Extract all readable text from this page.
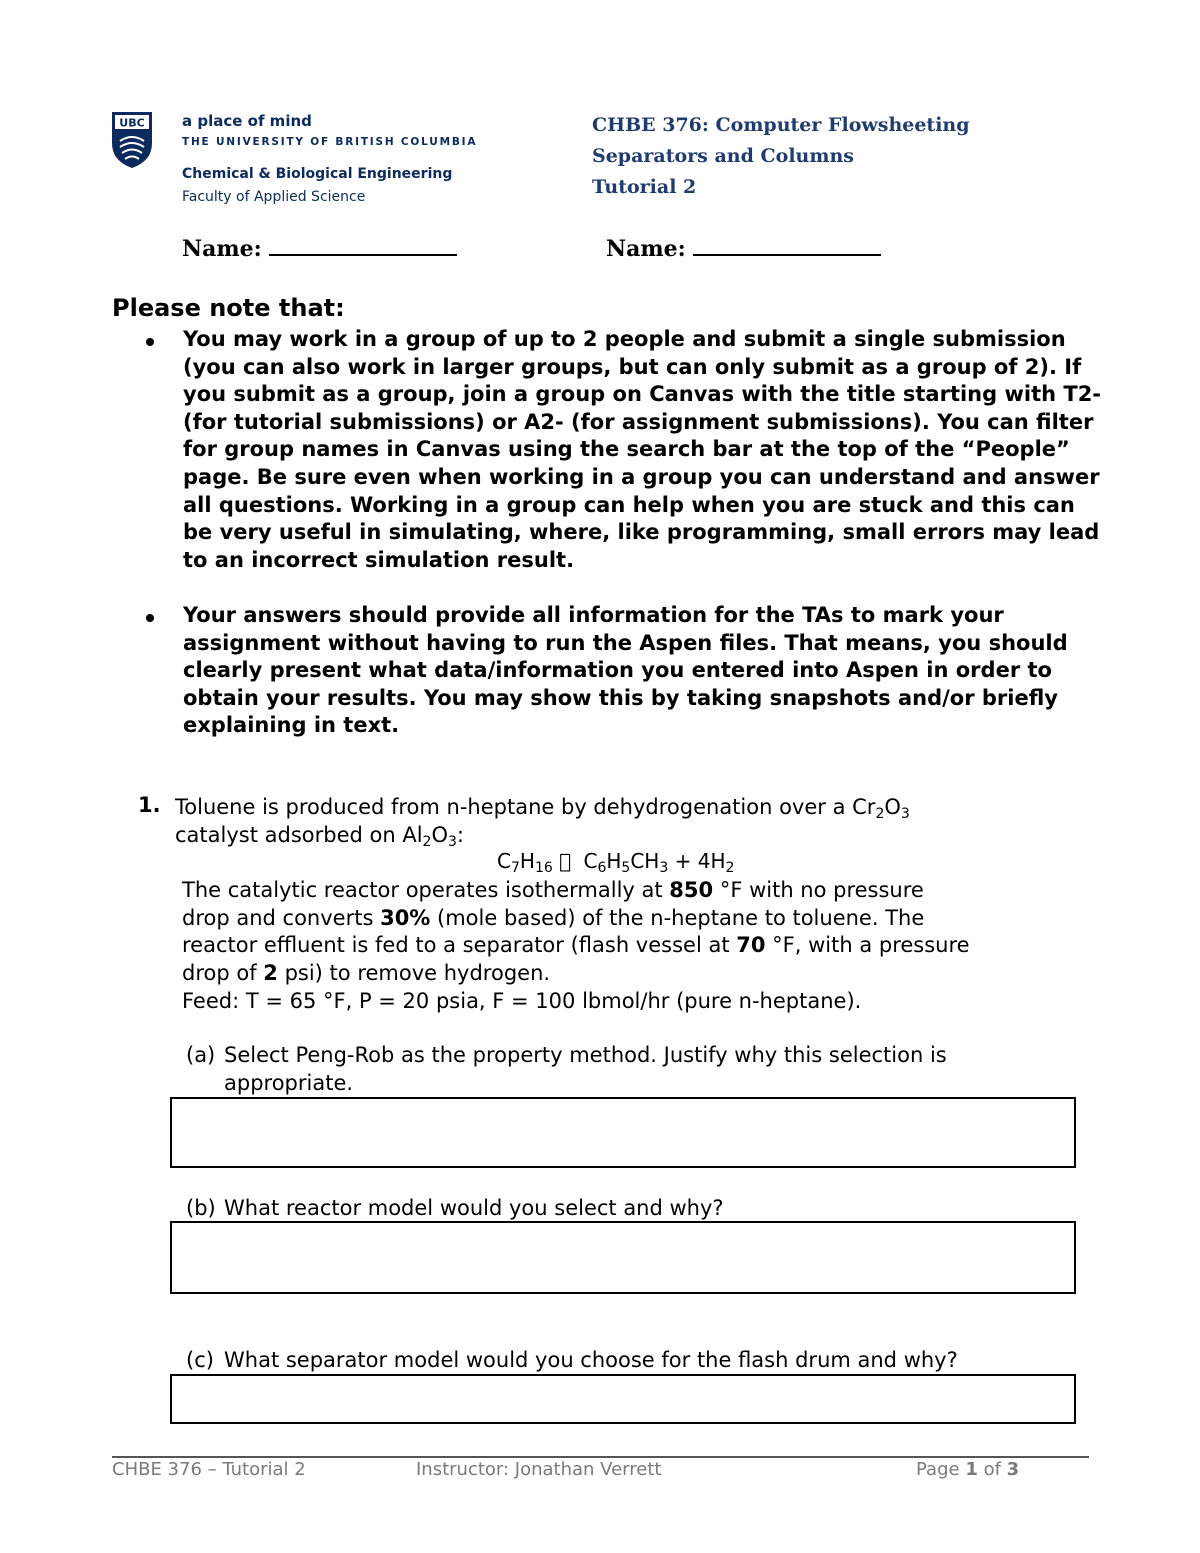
UBC a place of mind
THE UNIVERSITY OF BRITISH COLUMBIA
Chemical & Biological Engineering
Faculty of Applied Science
CHBE 376: Computer Flowsheeting
Separators and Columns
Tutorial 2
Name:	Name:
Please note that:
You may work in a group of up to 2 people and submit a single submission (you can also work in larger groups, but can only submit as a group of 2). If you submit as a group, join a group on Canvas with the title starting with T2- (for tutorial submissions) or A2- (for assignment submissions). You can filter for group names in Canvas using the search bar at the top of the “People” page. Be sure even when working in a group you can understand and answer all questions. Working in a group can help when you are stuck and this can be very useful in simulating, where, like programming, small errors may lead to an incorrect simulation result.
Your answers should provide all information for the TAs to mark your assignment without having to run the Aspen files. That means, you should clearly present what data/information you entered into Aspen in order to obtain your results. You may show this by taking snapshots and/or briefly explaining in text.
1. Toluene is produced from n-heptane by dehydrogenation over a $Cr_2O_3$
catalyst adsorbed on $Al_2O_3$:
$C_7H_{16}$ $C_6H_5CH_3 + 4H_2$
The catalytic reactor operates isothermally at 850 °F with no pressure
drop and converts 30% (mole based) of the n-heptane to toluene. The
reactor effluent is fed to a separator (flash vessel at 70 °F, with a pressure
drop of 2 psi) to remove hydrogen.
Feed: T = 65 °F, P = 20 psia, F = 100 lbmol/hr (pure n-heptane).
(a) Select Peng-Rob as the property method. Justify why this selection is
appropriate.
(b) What reactor model would you select and why?
(c) What separator model would you choose for the flash drum and why?
CHBE 376 – Tutorial 2	Instructor: Jonathan Verrett	Page 1 of 3
